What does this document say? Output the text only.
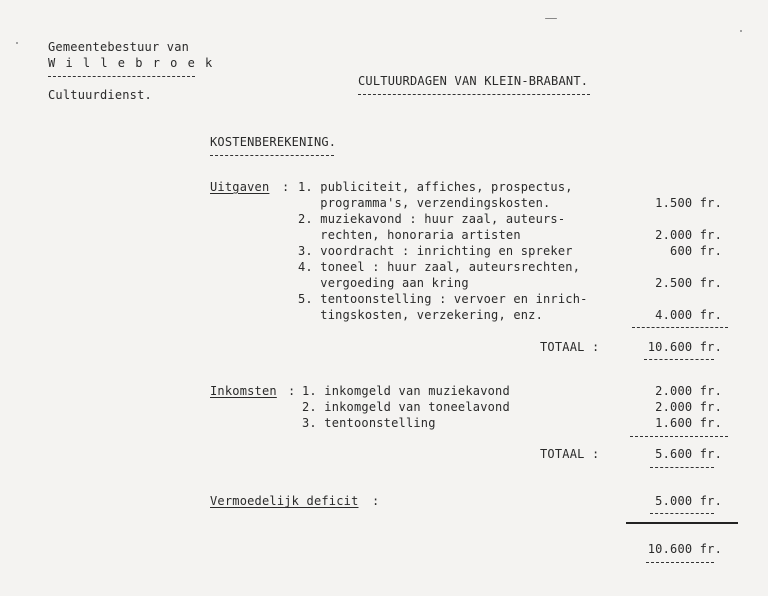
Gemeentebestuur van
W i l l e b r o e k
Cultuurdienst.
CULTUURDAGEN VAN KLEIN-BRABANT.
KOSTENBEREKENING.
Uitgaven : 1. publiciteit, affiches, prospectus,
programma's, verzendingskosten.	1.500 fr.
2. muziekavond : huur zaal, auteurs-
rechten, honoraria artisten	2.000 fr.
3. voordracht : inrichting en spreker	600 fr.
4. toneel : huur zaal, auteursrechten,
vergoeding aan kring	2.500 fr.
5. tentoonstelling : vervoer en inrich-
tingskosten, verzekering, enz.	4.000 fr.
TOTAAL :	10.600 fr.
Inkomsten : 1. inkomgeld van muziekavond	2.000 fr.
2. inkomgeld van toneelavond	2.000 fr.
3. tentoonstelling	1.600 fr.
TOTAAL :	5.600 fr.
Vermoedelijk deficit :	5.000 fr.
10.600 fr.
